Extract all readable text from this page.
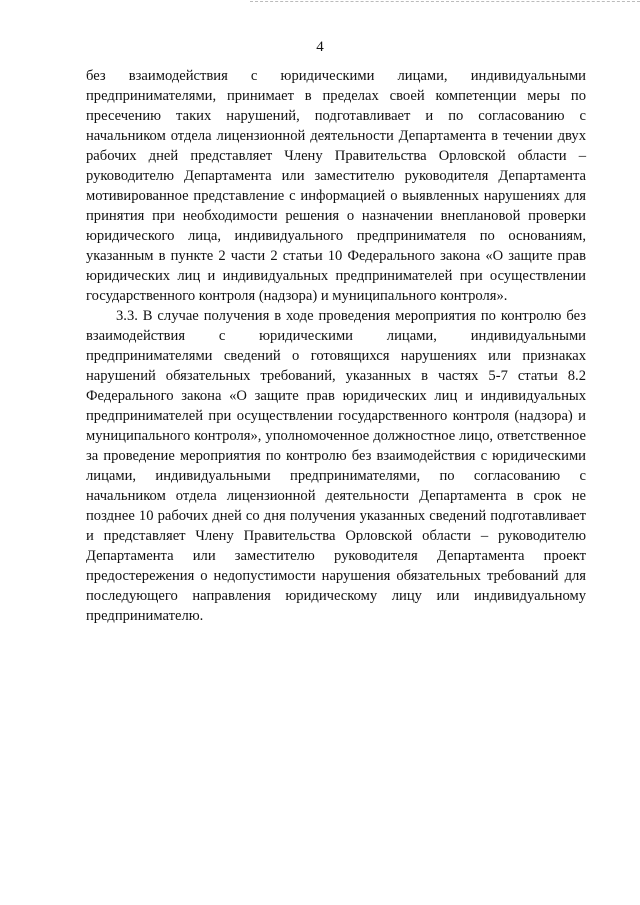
4

без взаимодействия с юридическими лицами, индивидуальными предпринимателями, принимает в пределах своей компетенции меры по пресечению таких нарушений, подготавливает и по согласованию с начальником отдела лицензионной деятельности Департамента в течении двух рабочих дней представляет Члену Правительства Орловской области – руководителю Департамента или заместителю руководителя Департамента мотивированное представление с информацией о выявленных нарушениях для принятия при необходимости решения о назначении внеплановой проверки юридического лица, индивидуального предпринимателя по основаниям, указанным в пункте 2 части 2 статьи 10 Федерального закона «О защите прав юридических лиц и индивидуальных предпринимателей при осуществлении государственного контроля (надзора) и муниципального контроля».

3.3. В случае получения в ходе проведения мероприятия по контролю без взаимодействия с юридическими лицами, индивидуальными предпринимателями сведений о готовящихся нарушениях или признаках нарушений обязательных требований, указанных в частях 5-7 статьи 8.2 Федерального закона «О защите прав юридических лиц и индивидуальных предпринимателей при осуществлении государственного контроля (надзора) и муниципального контроля», уполномоченное должностное лицо, ответственное за проведение мероприятия по контролю без взаимодействия с юридическими лицами, индивидуальными предпринимателями, по согласованию с начальником отдела лицензионной деятельности Департамента в срок не позднее 10 рабочих дней со дня получения указанных сведений подготавливает и представляет Члену Правительства Орловской области – руководителю Департамента или заместителю руководителя Департамента проект предостережения о недопустимости нарушения обязательных требований для последующего направления юридическому лицу или индивидуальному предпринимателю.
